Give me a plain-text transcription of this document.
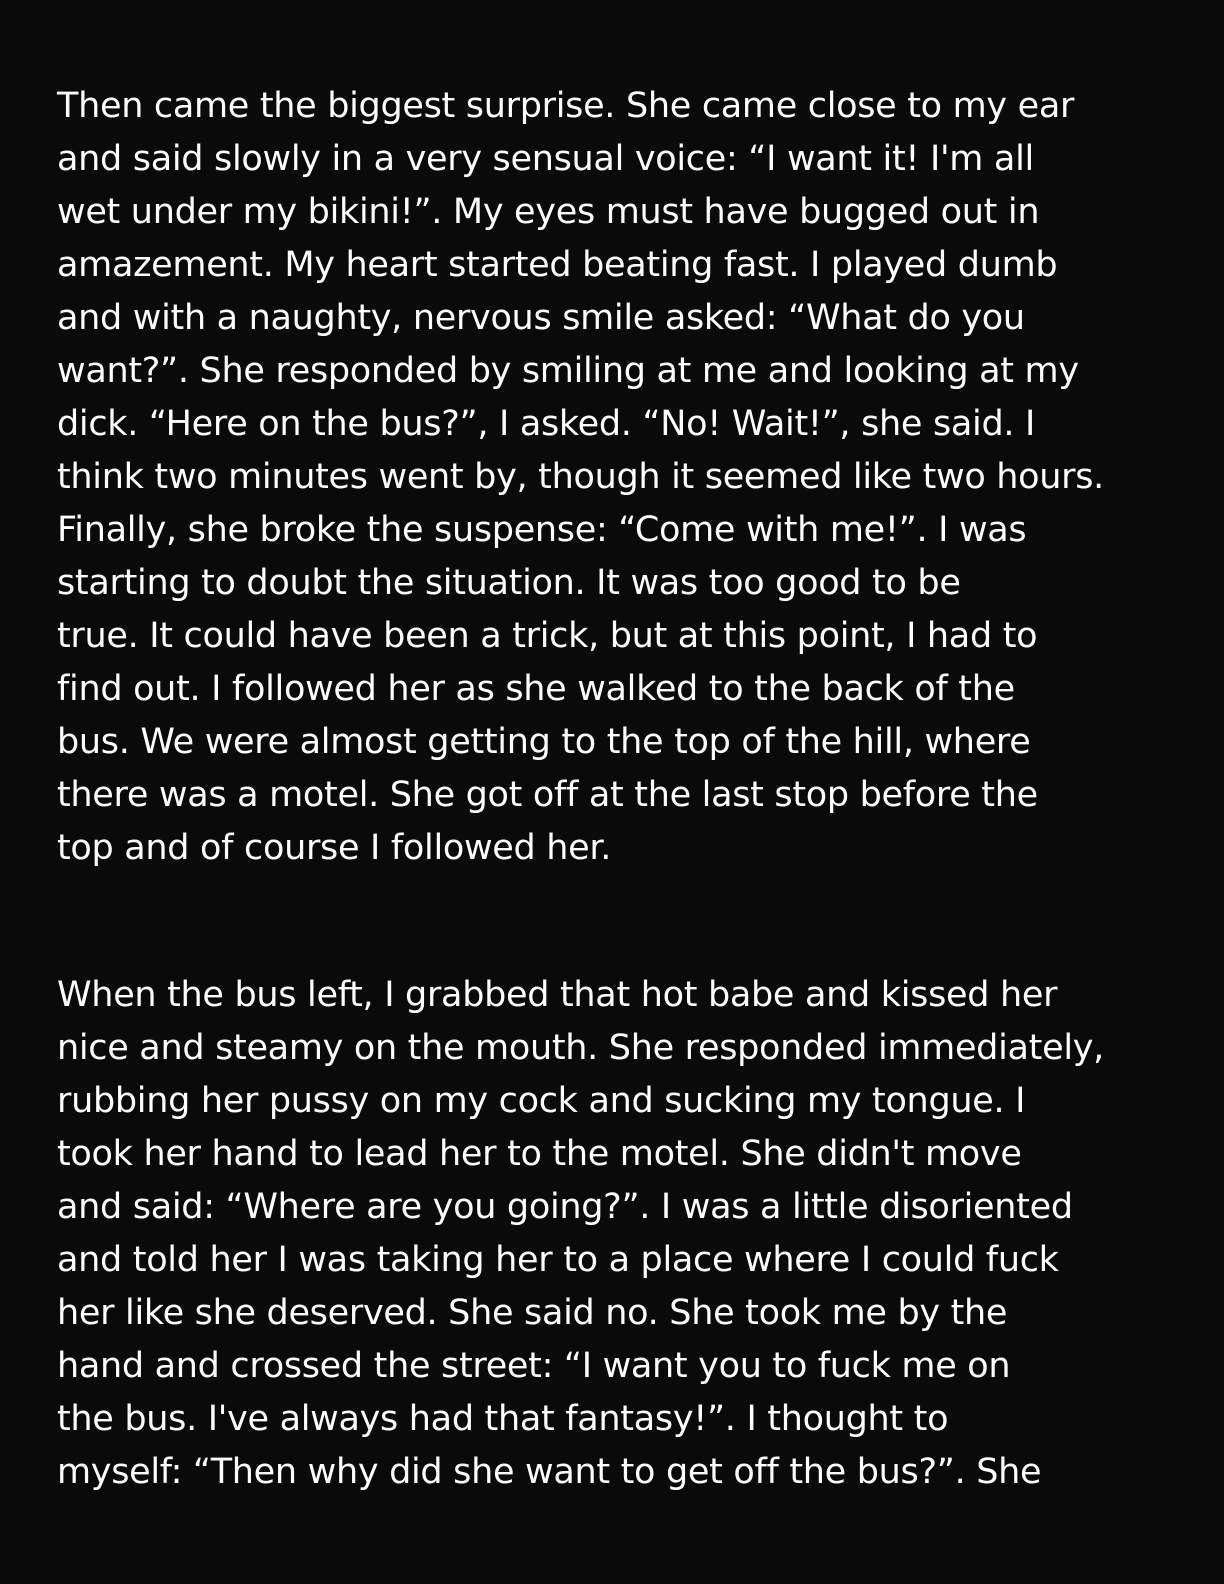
Then came the biggest surprise. She came close to my ear
and said slowly in a very sensual voice: “I want it! I'm all
wet under my bikini!”. My eyes must have bugged out in
amazement. My heart started beating fast. I played dumb
and with a naughty, nervous smile asked: “What do you
want?”. She responded by smiling at me and looking at my
dick. “Here on the bus?”, I asked. “No! Wait!”, she said. I
think two minutes went by, though it seemed like two hours.
Finally, she broke the suspense: “Come with me!”. I was
starting to doubt the situation. It was too good to be
true. It could have been a trick, but at this point, I had to
find out. I followed her as she walked to the back of the
bus. We were almost getting to the top of the hill, where
there was a motel. She got off at the last stop before the
top and of course I followed her.
When the bus left, I grabbed that hot babe and kissed her
nice and steamy on the mouth. She responded immediately,
rubbing her pussy on my cock and sucking my tongue. I
took her hand to lead her to the motel. She didn't move
and said: “Where are you going?”. I was a little disoriented
and told her I was taking her to a place where I could fuck
her like she deserved. She said no. She took me by the
hand and crossed the street: “I want you to fuck me on
the bus. I've always had that fantasy!”. I thought to
myself: “Then why did she want to get off the bus?”. She
